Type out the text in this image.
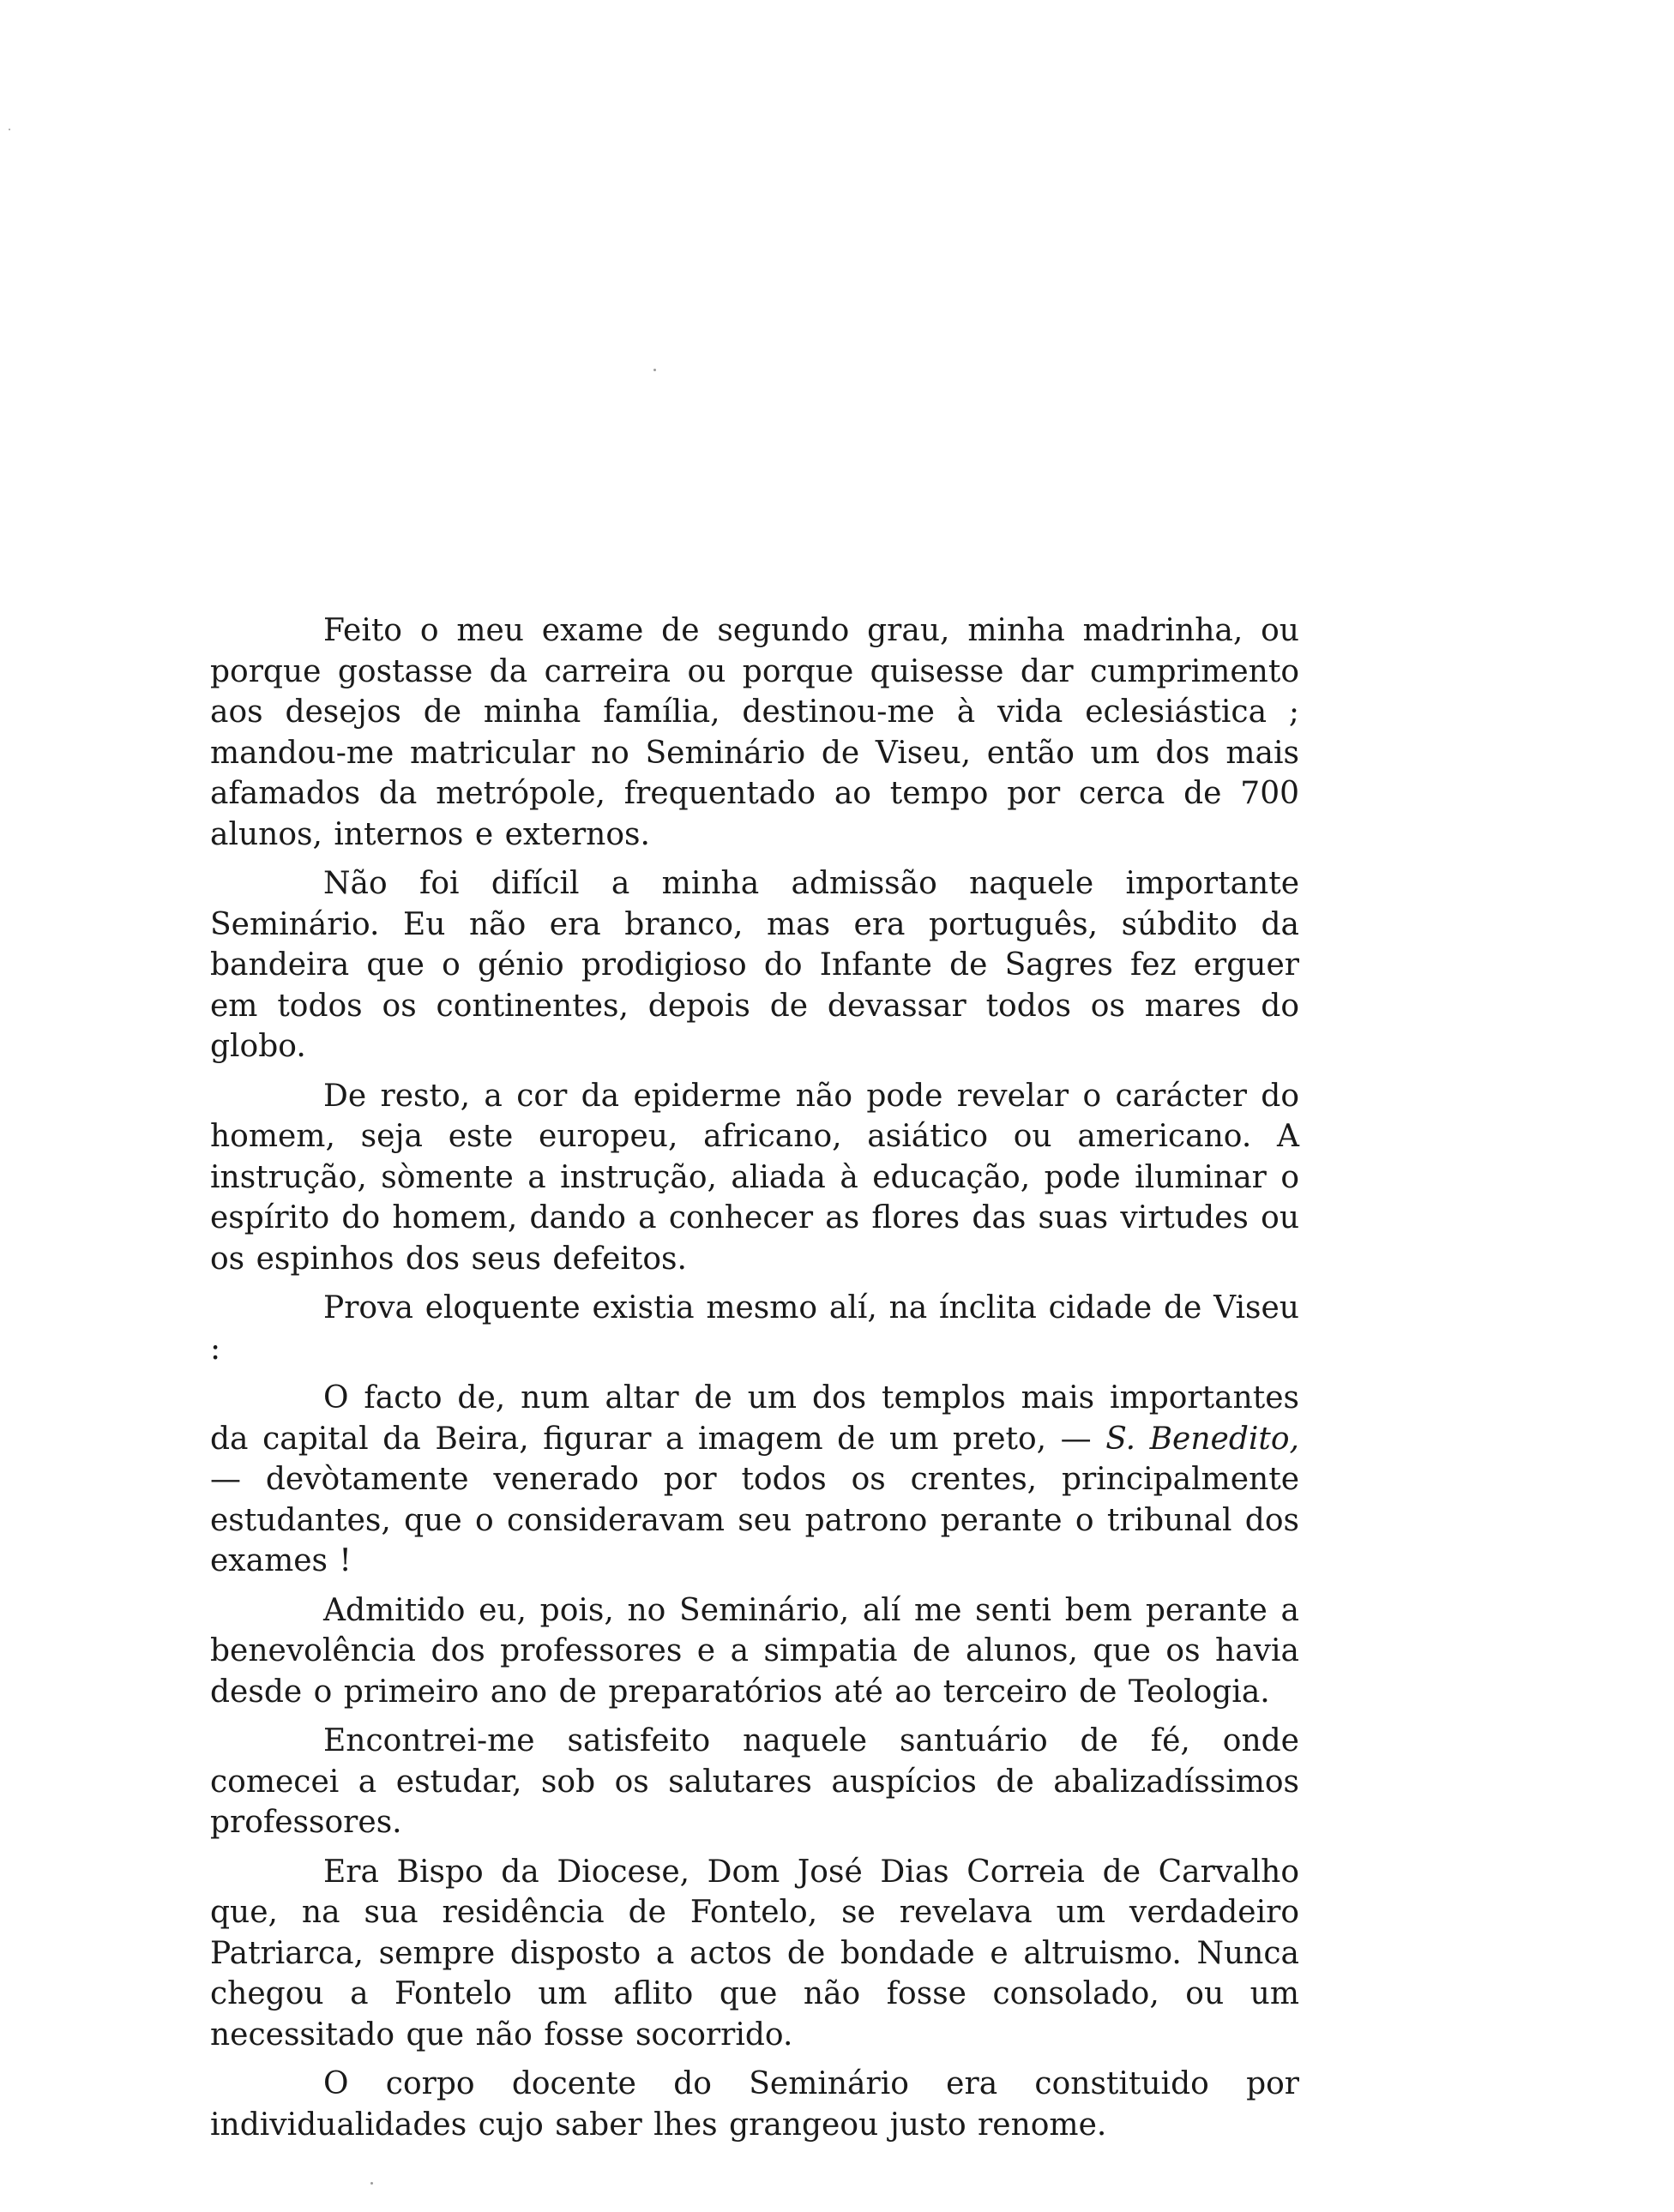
Feito o meu exame de segundo grau, minha madrinha, ou porque gostasse da carreira ou porque quisesse dar cumprimento aos desejos de minha família, destinou-me à vida eclesiástica ; mandou-me matricular no Seminário de Viseu, então um dos mais afamados da metrópole, frequentado ao tempo por cerca de 700 alunos, internos e externos.

Não foi difícil a minha admissão naquele importante Seminário. Eu não era branco, mas era português, súbdito da bandeira que o génio prodigioso do Infante de Sagres fez erguer em todos os continentes, depois de devassar todos os mares do globo.

De resto, a cor da epiderme não pode revelar o carácter do homem, seja este europeu, africano, asiático ou americano. A instrução, sòmente a instrução, aliada à educação, pode iluminar o espírito do homem, dando a conhecer as flores das suas virtudes ou os espinhos dos seus defeitos.

Prova eloquente existia mesmo alí, na ínclita cidade de Viseu :

O facto de, num altar de um dos templos mais importantes da capital da Beira, figurar a imagem de um preto, — S. Benedito, — devòtamente venerado por todos os crentes, principalmente estudantes, que o consideravam seu patrono perante o tribunal dos exames !

Admitido eu, pois, no Seminário, alí me senti bem perante a benevolência dos professores e a simpatia de alunos, que os havia desde o primeiro ano de preparatórios até ao terceiro de Teologia.

Encontrei-me satisfeito naquele santuário de fé, onde comecei a estudar, sob os salutares auspícios de abalizadíssimos professores.

Era Bispo da Diocese, Dom José Dias Correia de Carvalho que, na sua residência de Fontelo, se revelava um verdadeiro Patriarca, sempre disposto a actos de bondade e altruismo. Nunca chegou a Fontelo um aflito que não fosse consolado, ou um necessitado que não fosse socorrido.

O corpo docente do Seminário era constituido por individualidades cujo saber lhes grangeou justo renome.
